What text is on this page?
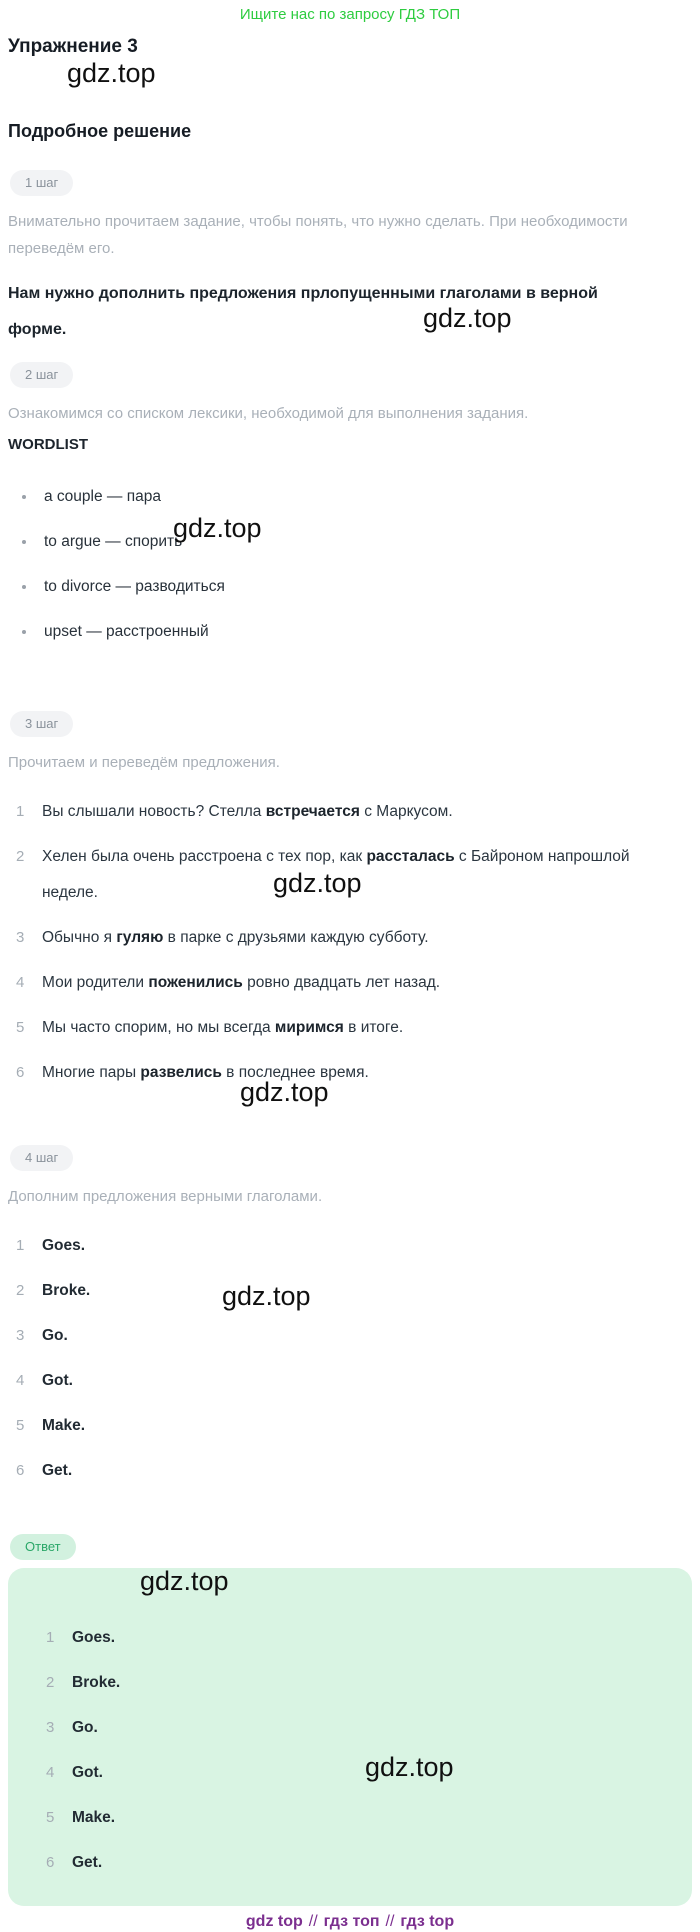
Ищите нас по запросу ГДЗ ТОП
Упражнение 3
Подробное решение
1 шаг

Внимательно прочитаем задание, чтобы понять, что нужно сделать. При необходимости переведём его.

Нам нужно дополнить предложения прлопущенными глаголами в верной форме.

2 шаг

Ознакомимся со списком лексики, необходимой для выполнения задания.

WORDLIST
a couple — пара
to argue — спорить
to divorce — разводиться
upset — расстроенный
3 шаг

Прочитаем и переведём предложения.

1	Вы слышали новость? Стелла встречается с Маркусом.
2	Хелен была очень расстроена с тех пор, как рассталась с Байроном напрошлой неделе.
3	Обычно я гуляю в парке с друзьями каждую субботу.
4	Мои родители поженились ровно двадцать лет назад.
5	Мы часто спорим, но мы всегда миримся в итоге.
6	Многие пары развелись в последнее время.
4 шаг

Дополним предложения верными глаголами.

1	Goes.
2	Broke.
3	Go.
4	Got.
5	Make.
6	Get.
Ответ
1	Goes.
2	Broke.
3	Go.
4	Got.
5	Make.
6	Get.
gdz top // гдз топ // гдз top
gdz.top
gdz.top
gdz.top
gdz.top
gdz.top
gdz.top
gdz.top
gdz.top
